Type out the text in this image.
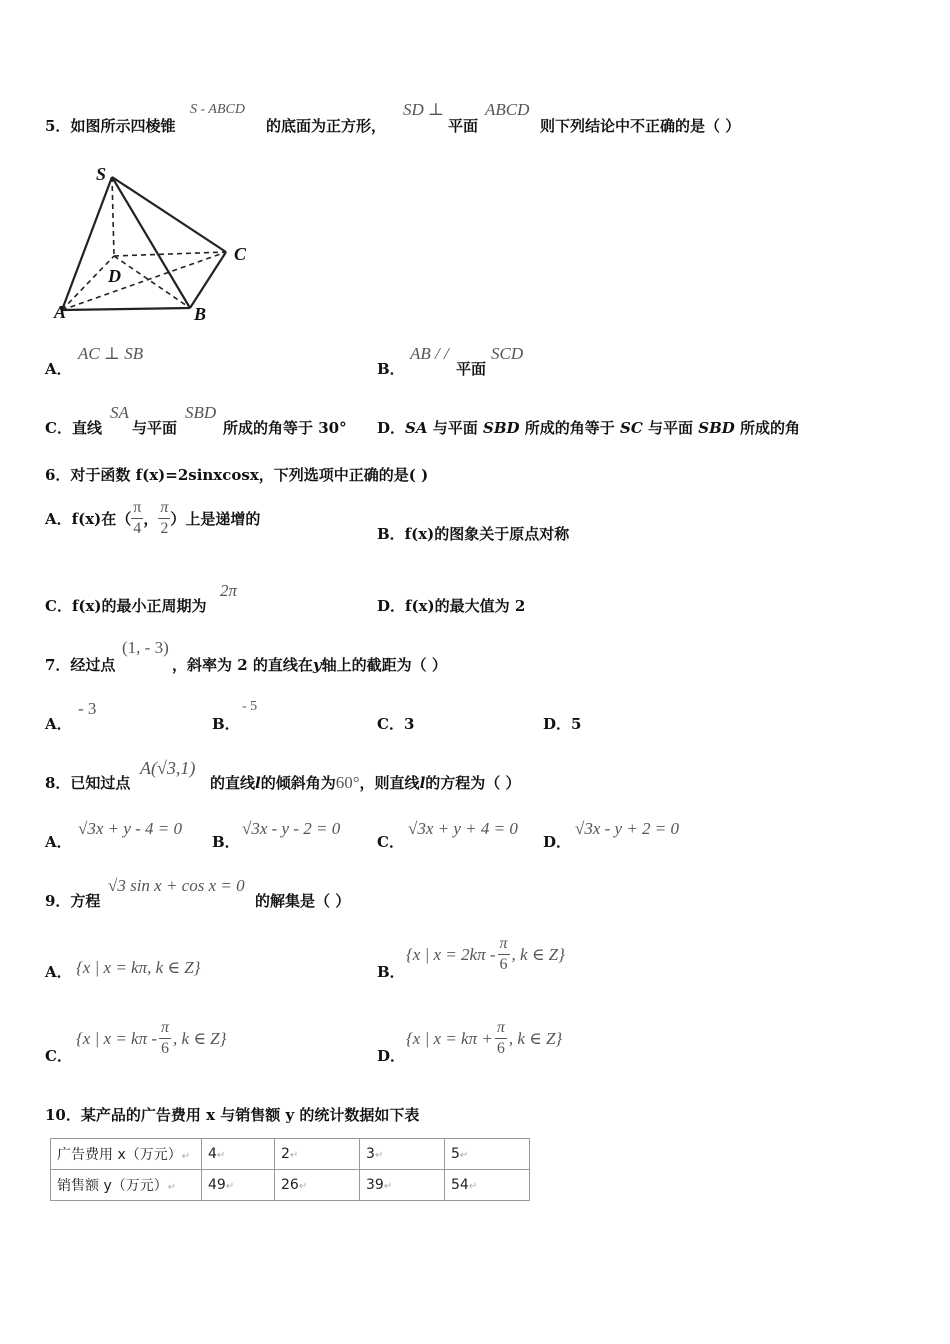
5．如图所示四棱锥
S - ABCD
的底面为正方形，
SD ⊥
平面
ABCD
则下列结论中不正确的是（ ）
S
C
D
A	B
A．
AC ⊥ SB
B．
AB / /
平面
SCD
C．直线
SA
与平面
SBD
所成的角等于 30° D．SA 与平面 SBD 所成的角等于 SC 与平面 SBD 所成的角
6．对于函数 f(x)=2sinxcosx，下列选项中正确的是( )
A．f(x)在（ $\frac{\pi}{4}$ ， $\frac{\pi}{2}$ ）上是递增的
B．f(x)的图象关于原点对称
C．f(x)的最小正周期为
2π
D．f(x)的最大值为 2
7．经过点
(1, - 3)
，斜率为 2 的直线在y轴上的截距为（ ）
A．
- 3
B．
- 5
C．3	D．5
8．已知过点
A(√3,1)
的直线l的倾斜角为60°，则直线l的方程为（ ）
A．
√3x + y - 4 = 0
B．
√3x - y - 2 = 0
C．
√3x + y + 4 = 0
D．
√3x - y + 2 = 0
9．方程
√3 sin x + cos x = 0
的解集是（ ）
A． {x | x = kπ, k ∈ Z}	B．
{x | $x = 2k\pi - \frac{\pi}{6}$ , k ∈ Z}
C．
{x | $x = k\pi - \frac{\pi}{6}$ , k ∈ Z}
D．
{x | $x = k\pi + \frac{\pi}{6}$ , k ∈ Z}
10．某产品的广告费用 x 与销售额 y 的统计数据如下表
广告费用 x（万元）↵	4↵	2↵	3↵	5↵
销售额 y（万元）↵	49↵	26↵	39↵	54↵
